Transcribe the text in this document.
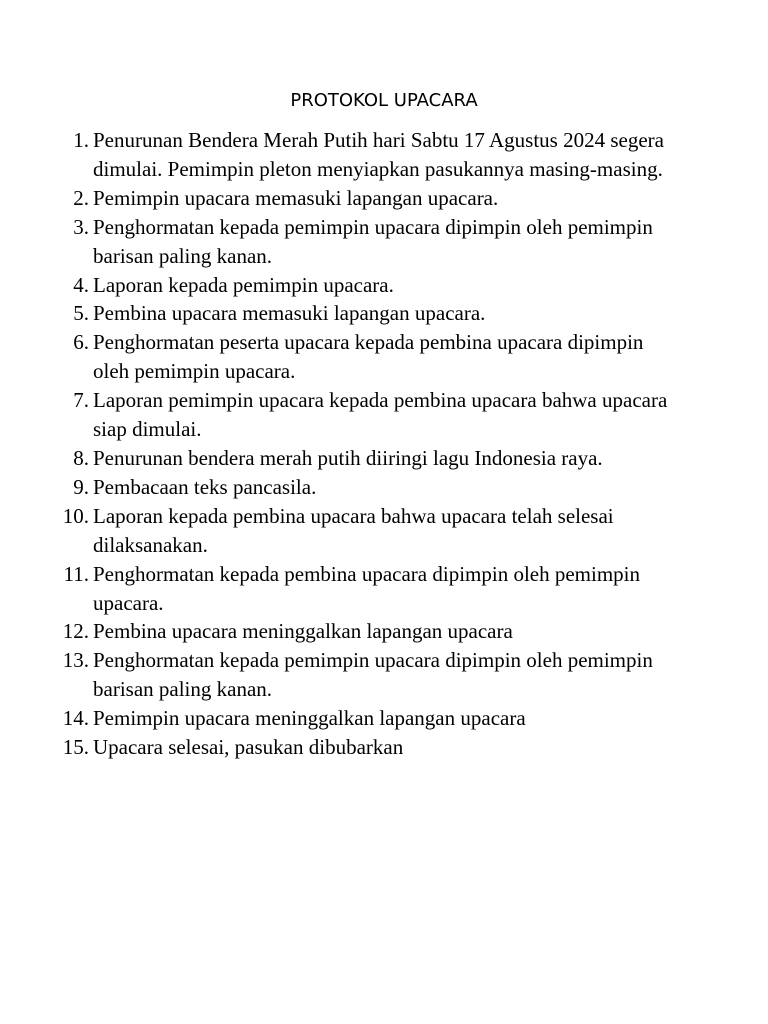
PROTOKOL UPACARA
1. Penurunan Bendera Merah Putih hari Sabtu 17 Agustus 2024 segera dimulai. Pemimpin pleton menyiapkan pasukannya masing-masing.
2. Pemimpin upacara memasuki lapangan upacara.
3. Penghormatan kepada pemimpin upacara dipimpin oleh pemimpin barisan paling kanan.
4. Laporan kepada pemimpin upacara.
5. Pembina upacara memasuki lapangan upacara.
6. Penghormatan peserta upacara kepada pembina upacara dipimpin oleh pemimpin upacara.
7. Laporan pemimpin upacara kepada pembina upacara bahwa upacara siap dimulai.
8. Penurunan bendera merah putih diiringi lagu Indonesia raya.
9. Pembacaan teks pancasila.
10. Laporan kepada pembina upacara bahwa upacara telah selesai dilaksanakan.
11. Penghormatan kepada pembina upacara dipimpin oleh pemimpin upacara.
12. Pembina upacara meninggalkan lapangan upacara
13. Penghormatan kepada pemimpin upacara dipimpin oleh pemimpin barisan paling kanan.
14. Pemimpin upacara meninggalkan lapangan upacara
15. Upacara selesai, pasukan dibubarkan
